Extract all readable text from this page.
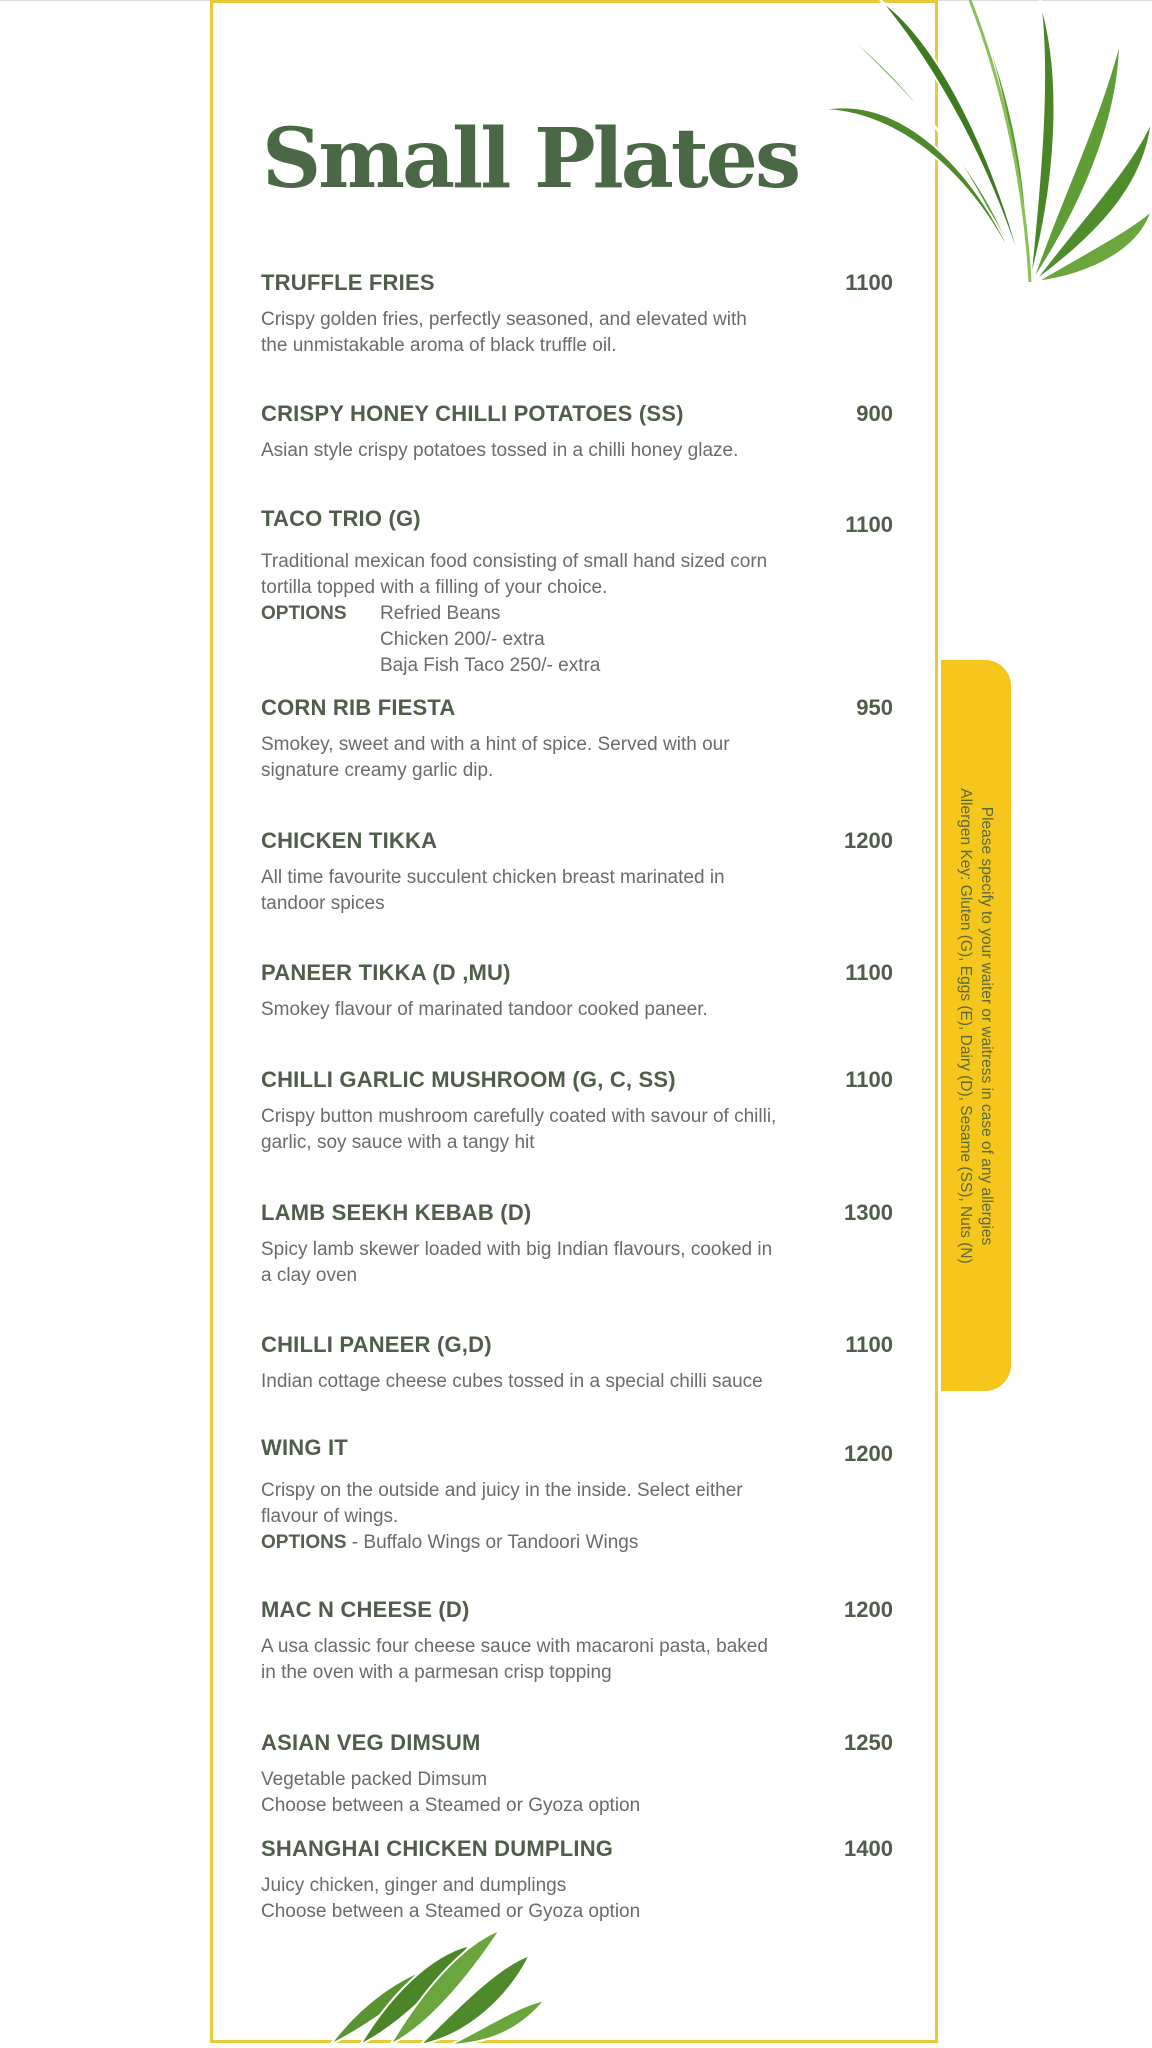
Small Plates
Please specify to your waiter or waitress in case of any allergies
Allergen Key: Gluten (G), Eggs (E), Dairy (D), Sesame (SS), Nuts (N)
TRUFFLE FRIES	1100
Crispy golden fries, perfectly seasoned, and elevated with
the unmistakable aroma of black truffle oil.
CRISPY HONEY CHILLI POTATOES (SS)	900
Asian style crispy potatoes tossed in a chilli honey glaze.
TACO TRIO (G)	1100
Traditional mexican food consisting of small hand sized corn
tortilla topped with a filling of your choice.
OPTIONS	Refried Beans
Chicken 200/- extra
Baja Fish Taco 250/- extra
CORN RIB FIESTA	950
Smokey, sweet and with a hint of spice. Served with our
signature creamy garlic dip.
CHICKEN TIKKA	1200
All time favourite succulent chicken breast marinated in
tandoor spices
PANEER TIKKA (D ,MU)	1100
Smokey flavour of marinated tandoor cooked paneer.
CHILLI GARLIC MUSHROOM (G, C, SS)	1100
Crispy button mushroom carefully coated with savour of chilli,
garlic, soy sauce with a tangy hit
LAMB SEEKH KEBAB (D)	1300
Spicy lamb skewer loaded with big Indian flavours, cooked in
a clay oven
CHILLI PANEER (G,D)	1100
Indian cottage cheese cubes tossed in a special chilli sauce
WING IT	1200
Crispy on the outside and juicy in the inside. Select either
flavour of wings.
OPTIONS - Buffalo Wings or Tandoori Wings
MAC N CHEESE (D)	1200
A usa classic four cheese sauce with macaroni pasta, baked
in the oven with a parmesan crisp topping
ASIAN VEG DIMSUM	1250
Vegetable packed Dimsum
Choose between a Steamed or Gyoza option
SHANGHAI CHICKEN DUMPLING	1400
Juicy chicken, ginger and dumplings
Choose between a Steamed or Gyoza option
